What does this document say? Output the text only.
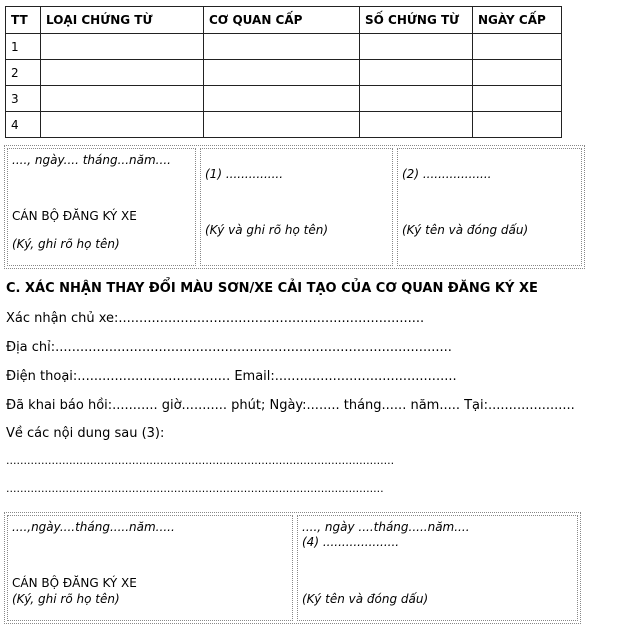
TT	LOẠI CHỨNG TỪ	CƠ QUAN CẤP	SỐ CHỨNG TỪ	NGÀY CẤP
1				
2				
3				
4				
...., ngày.... tháng...năm....
CÁN BỘ ĐĂNG KÝ XE
(Ký, ghi rõ họ tên)
(1) ...............
(Ký và ghi rõ họ tên)
(2) ..................
(Ký tên và đóng dấu)
C. XÁC NHẬN THAY ĐỔI MÀU SƠN/XE CẢI TẠO CỦA CƠ QUAN ĐĂNG KÝ XE
Xác nhận chủ xe:..........................................................................
Địa chỉ:................................................................................................
Điện thoại:..................................... Email:............................................
Đã khai báo hồi:........... giờ........... phút; Ngày:........ tháng...... năm..... Tại:.....................
Về các nội dung sau (3):
...............................................................................................................
............................................................................................................
....,ngày....tháng.....năm.....
CÁN BỘ ĐĂNG KÝ XE
(Ký, ghi rõ họ tên)
...., ngày ....tháng.....năm....
(4) ....................
(Ký tên và đóng dấu)
